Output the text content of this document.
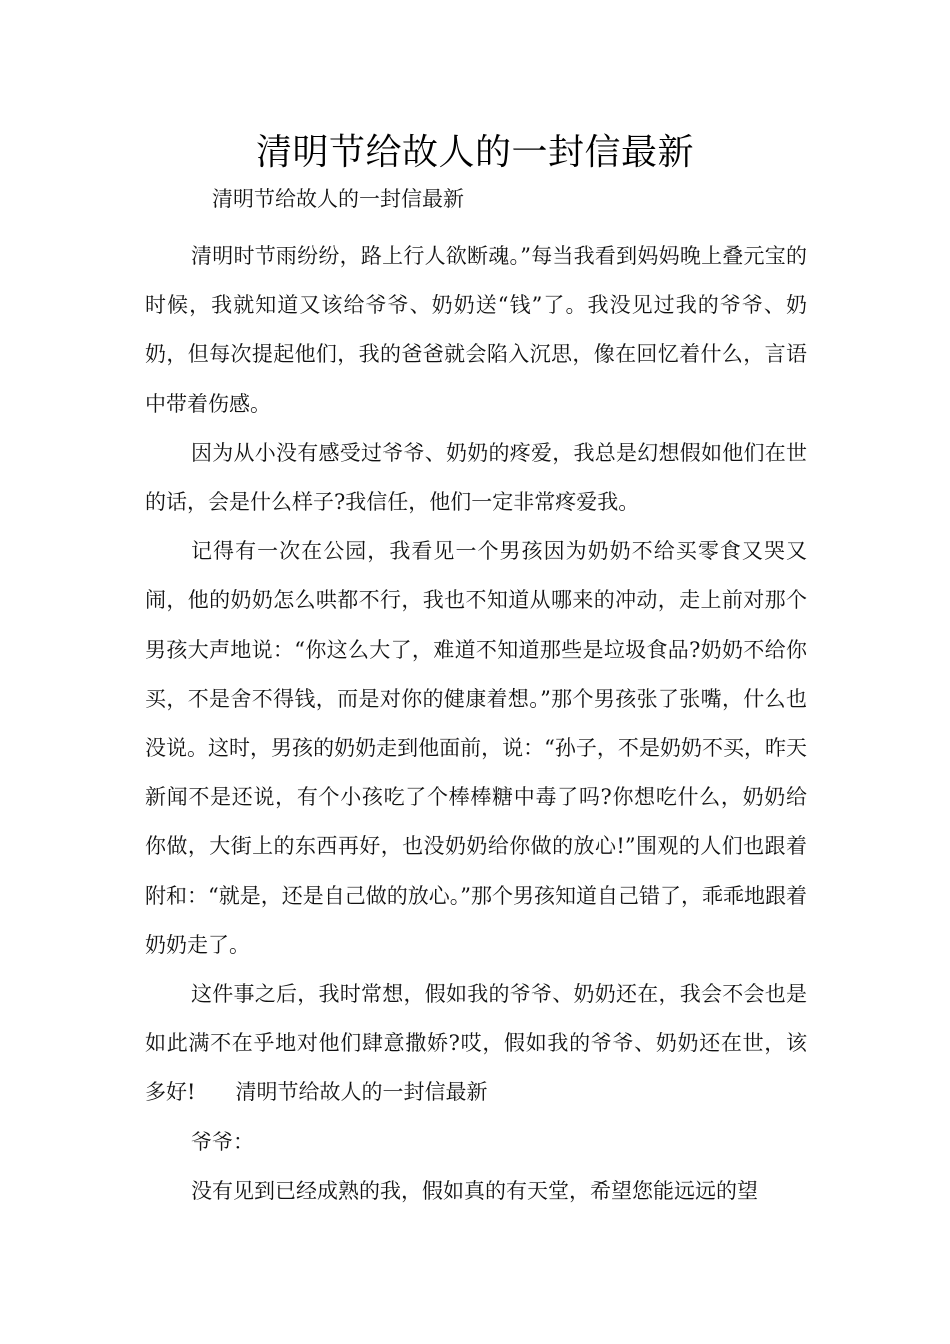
清明节给故人的一封信最新
清明节给故人的一封信最新

清明时节雨纷纷，路上行人欲断魂。”每当我看到妈妈晚上叠元宝的时候，我就知道又该给爷爷、奶奶送“钱”了。我没见过我的爷爷、奶奶，但每次提起他们，我的爸爸就会陷入沉思，像在回忆着什么，言语中带着伤感。

因为从小没有感受过爷爷、奶奶的疼爱，我总是幻想假如他们在世的话，会是什么样子?我信任，他们一定非常疼爱我。

记得有一次在公园，我看见一个男孩因为奶奶不给买零食又哭又闹，他的奶奶怎么哄都不行，我也不知道从哪来的冲动，走上前对那个男孩大声地说：“你这么大了，难道不知道那些是垃圾食品?奶奶不给你买，不是舍不得钱，而是对你的健康着想。”那个男孩张了张嘴，什么也没说。这时，男孩的奶奶走到他面前，说：“孙子，不是奶奶不买，昨天新闻不是还说，有个小孩吃了个棒棒糖中毒了吗?你想吃什么，奶奶给你做，大街上的东西再好，也没奶奶给你做的放心!”围观的人们也跟着附和：“就是，还是自己做的放心。”那个男孩知道自己错了，乖乖地跟着奶奶走了。

这件事之后，我时常想，假如我的爷爷、奶奶还在，我会不会也是如此满不在乎地对他们肆意撒娇?哎，假如我的爷爷、奶奶还在世，该多好! 清明节给故人的一封信最新

爷爷：

没有见到已经成熟的我，假如真的有天堂，希望您能远远的望
